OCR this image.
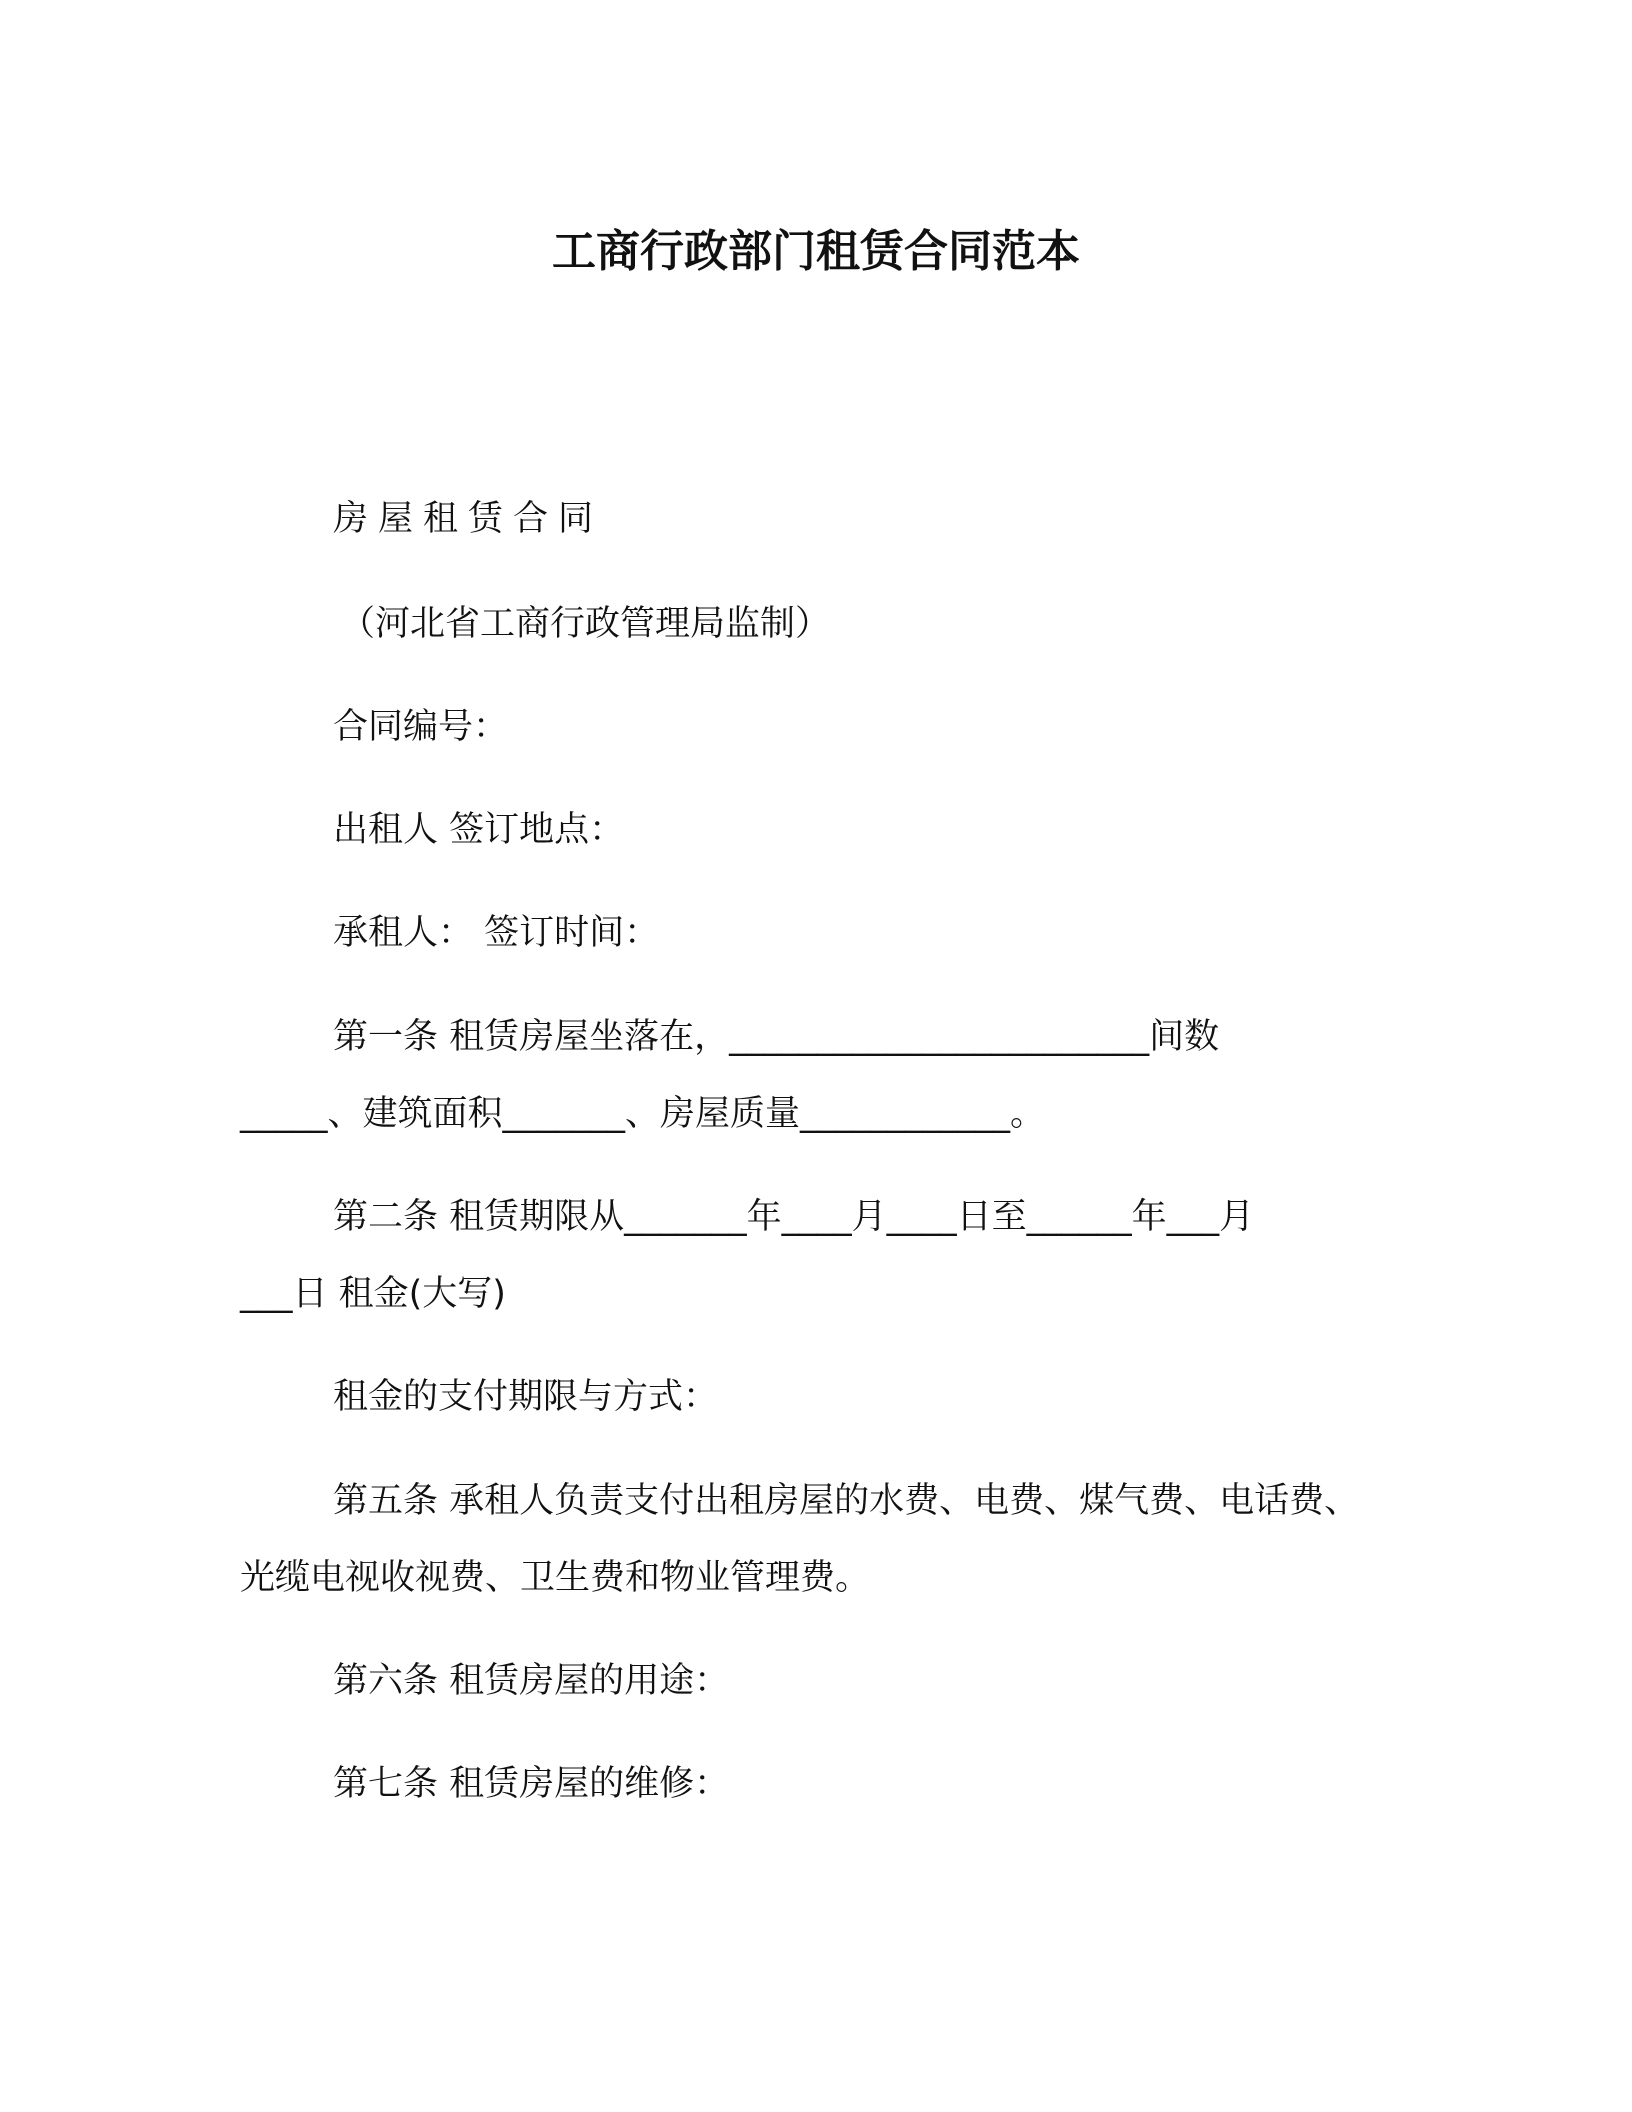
工商行政部门租赁合同范本
房屋租赁合同
（河北省工商行政管理局监制）
合同编号：
出租人 签订地点：
承租人： 签订时间：
第一条 租赁房屋坐落在，________________________间数
_____、建筑面积_______、房屋质量____________。
第二条 租赁期限从_______年____月____日至______年___月
___日 租金(大写)
租金的支付期限与方式：
第五条 承租人负责支付出租房屋的水费、电费、煤气费、电话费、
光缆电视收视费、卫生费和物业管理费。
第六条 租赁房屋的用途：
第七条 租赁房屋的维修：
